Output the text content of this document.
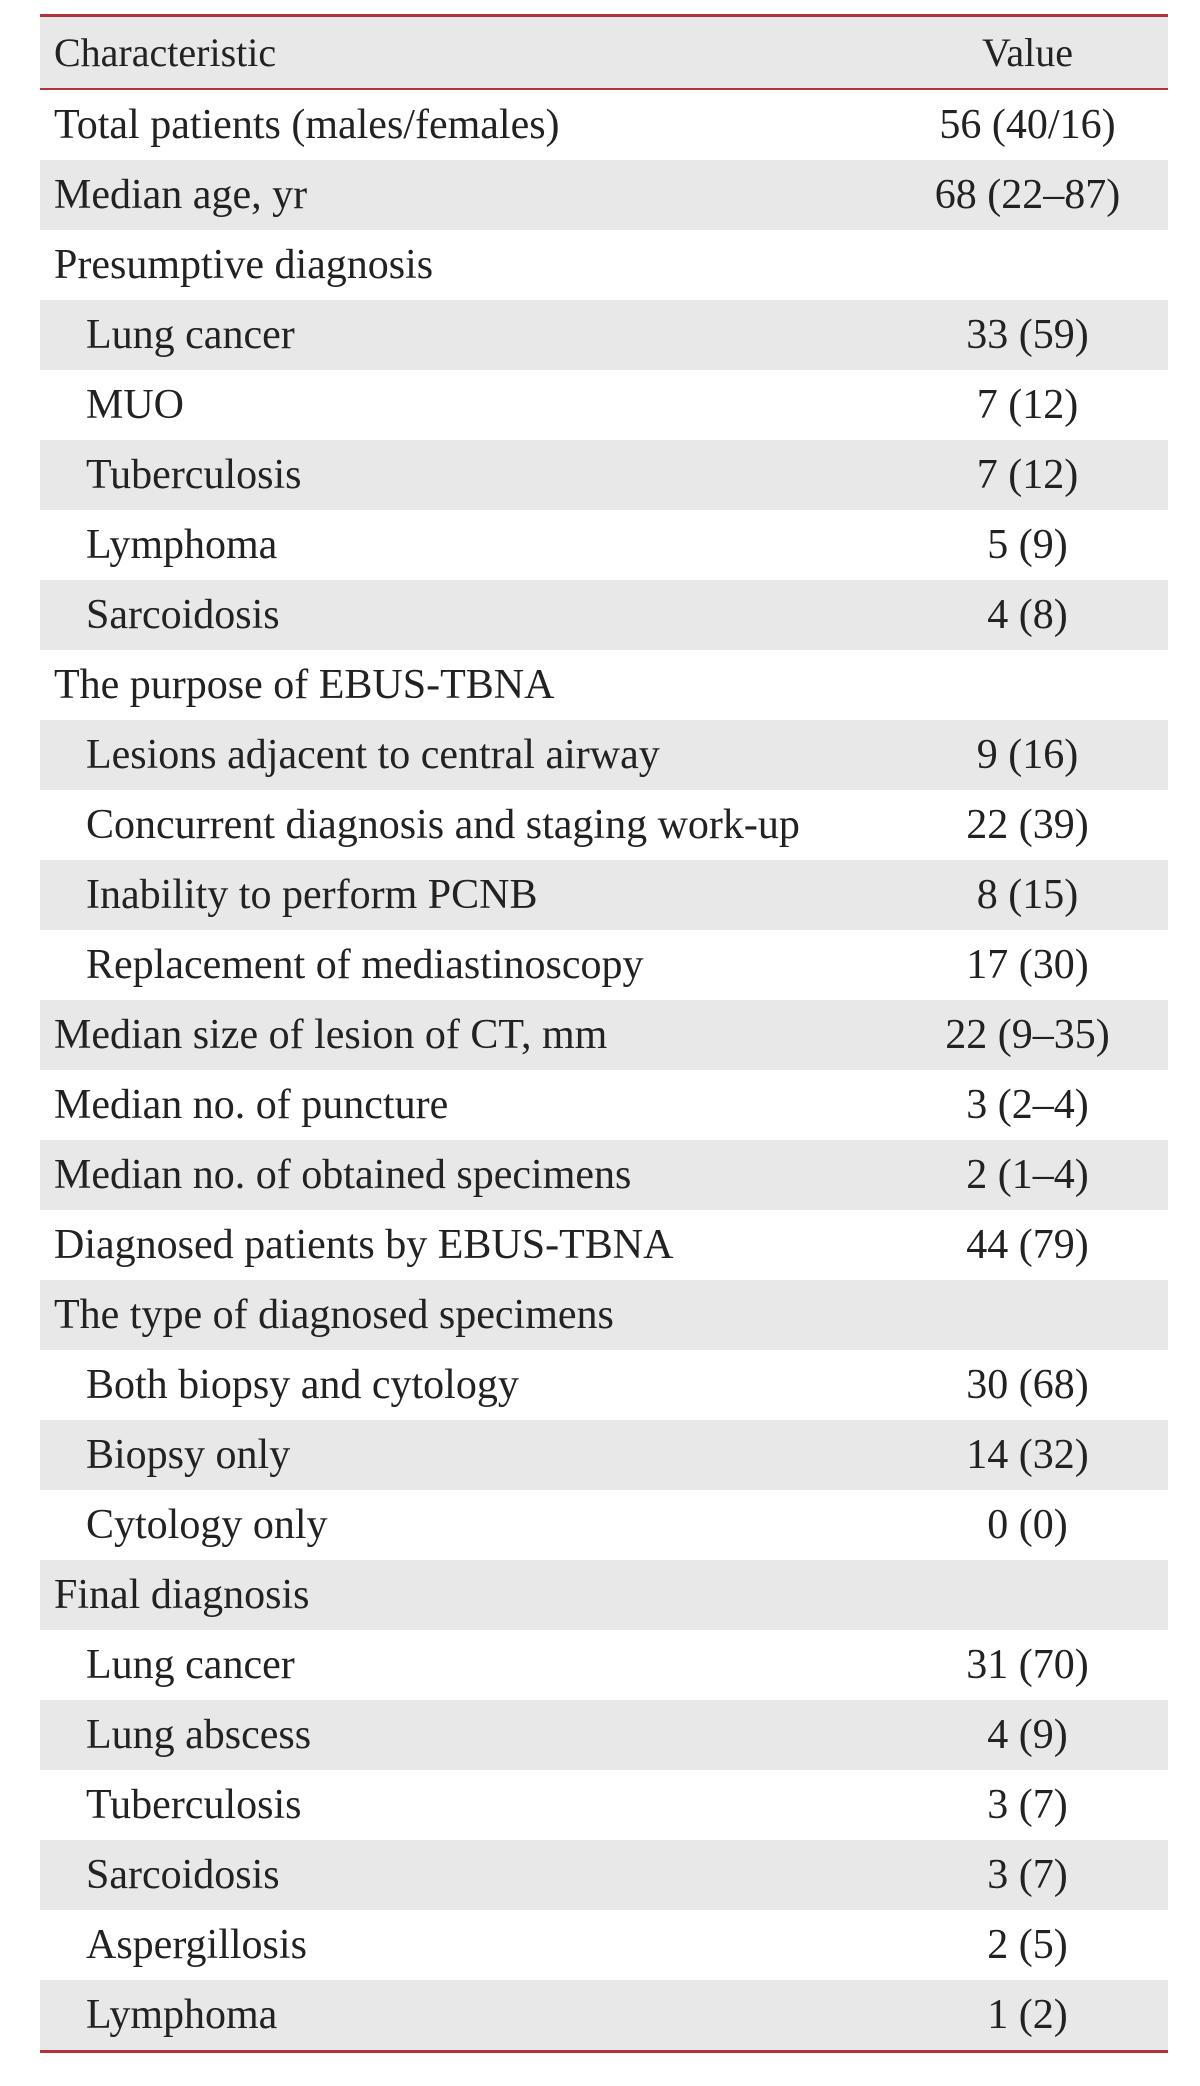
Characteristic	Value
Total patients (males/females)	56 (40/16)
Median age, yr	68 (22–87)
Presumptive diagnosis	
Lung cancer	33 (59)
MUO	7 (12)
Tuberculosis	7 (12)
Lymphoma	5 (9)
Sarcoidosis	4 (8)
The purpose of EBUS-TBNA	
Lesions adjacent to central airway	9 (16)
Concurrent diagnosis and staging work-up	22 (39)
Inability to perform PCNB	8 (15)
Replacement of mediastinoscopy	17 (30)
Median size of lesion of CT, mm	22 (9–35)
Median no. of puncture	3 (2–4)
Median no. of obtained specimens	2 (1–4)
Diagnosed patients by EBUS-TBNA	44 (79)
The type of diagnosed specimens	
Both biopsy and cytology	30 (68)
Biopsy only	14 (32)
Cytology only	0 (0)
Final diagnosis	
Lung cancer	31 (70)
Lung abscess	4 (9)
Tuberculosis	3 (7)
Sarcoidosis	3 (7)
Aspergillosis	2 (5)
Lymphoma	1 (2)
